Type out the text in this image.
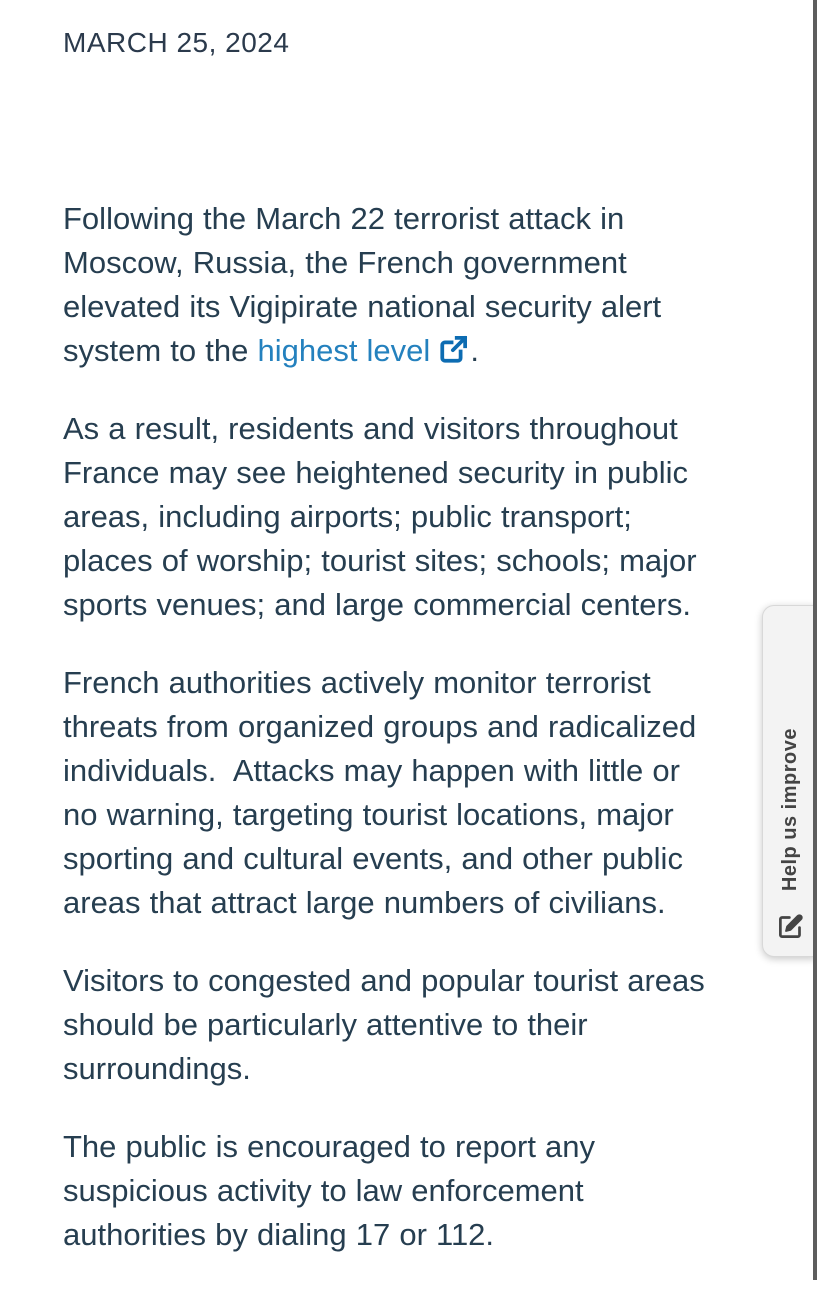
MARCH 25, 2024

Following the March 22 terrorist attack in Moscow, Russia, the French government elevated its Vigipirate national security alert system to the highest level .

As a result, residents and visitors throughout France may see heightened security in public areas, including airports; public transport; places of worship; tourist sites; schools; major sports venues; and large commercial centers.

French authorities actively monitor terrorist threats from organized groups and radicalized individuals.  Attacks may happen with little or no warning, targeting tourist locations, major sporting and cultural events, and other public areas that attract large numbers of civilians.

Visitors to congested and popular tourist areas should be particularly attentive to their surroundings.

The public is encouraged to report any suspicious activity to law enforcement authorities by dialing 17 or 112.

Help us improve
